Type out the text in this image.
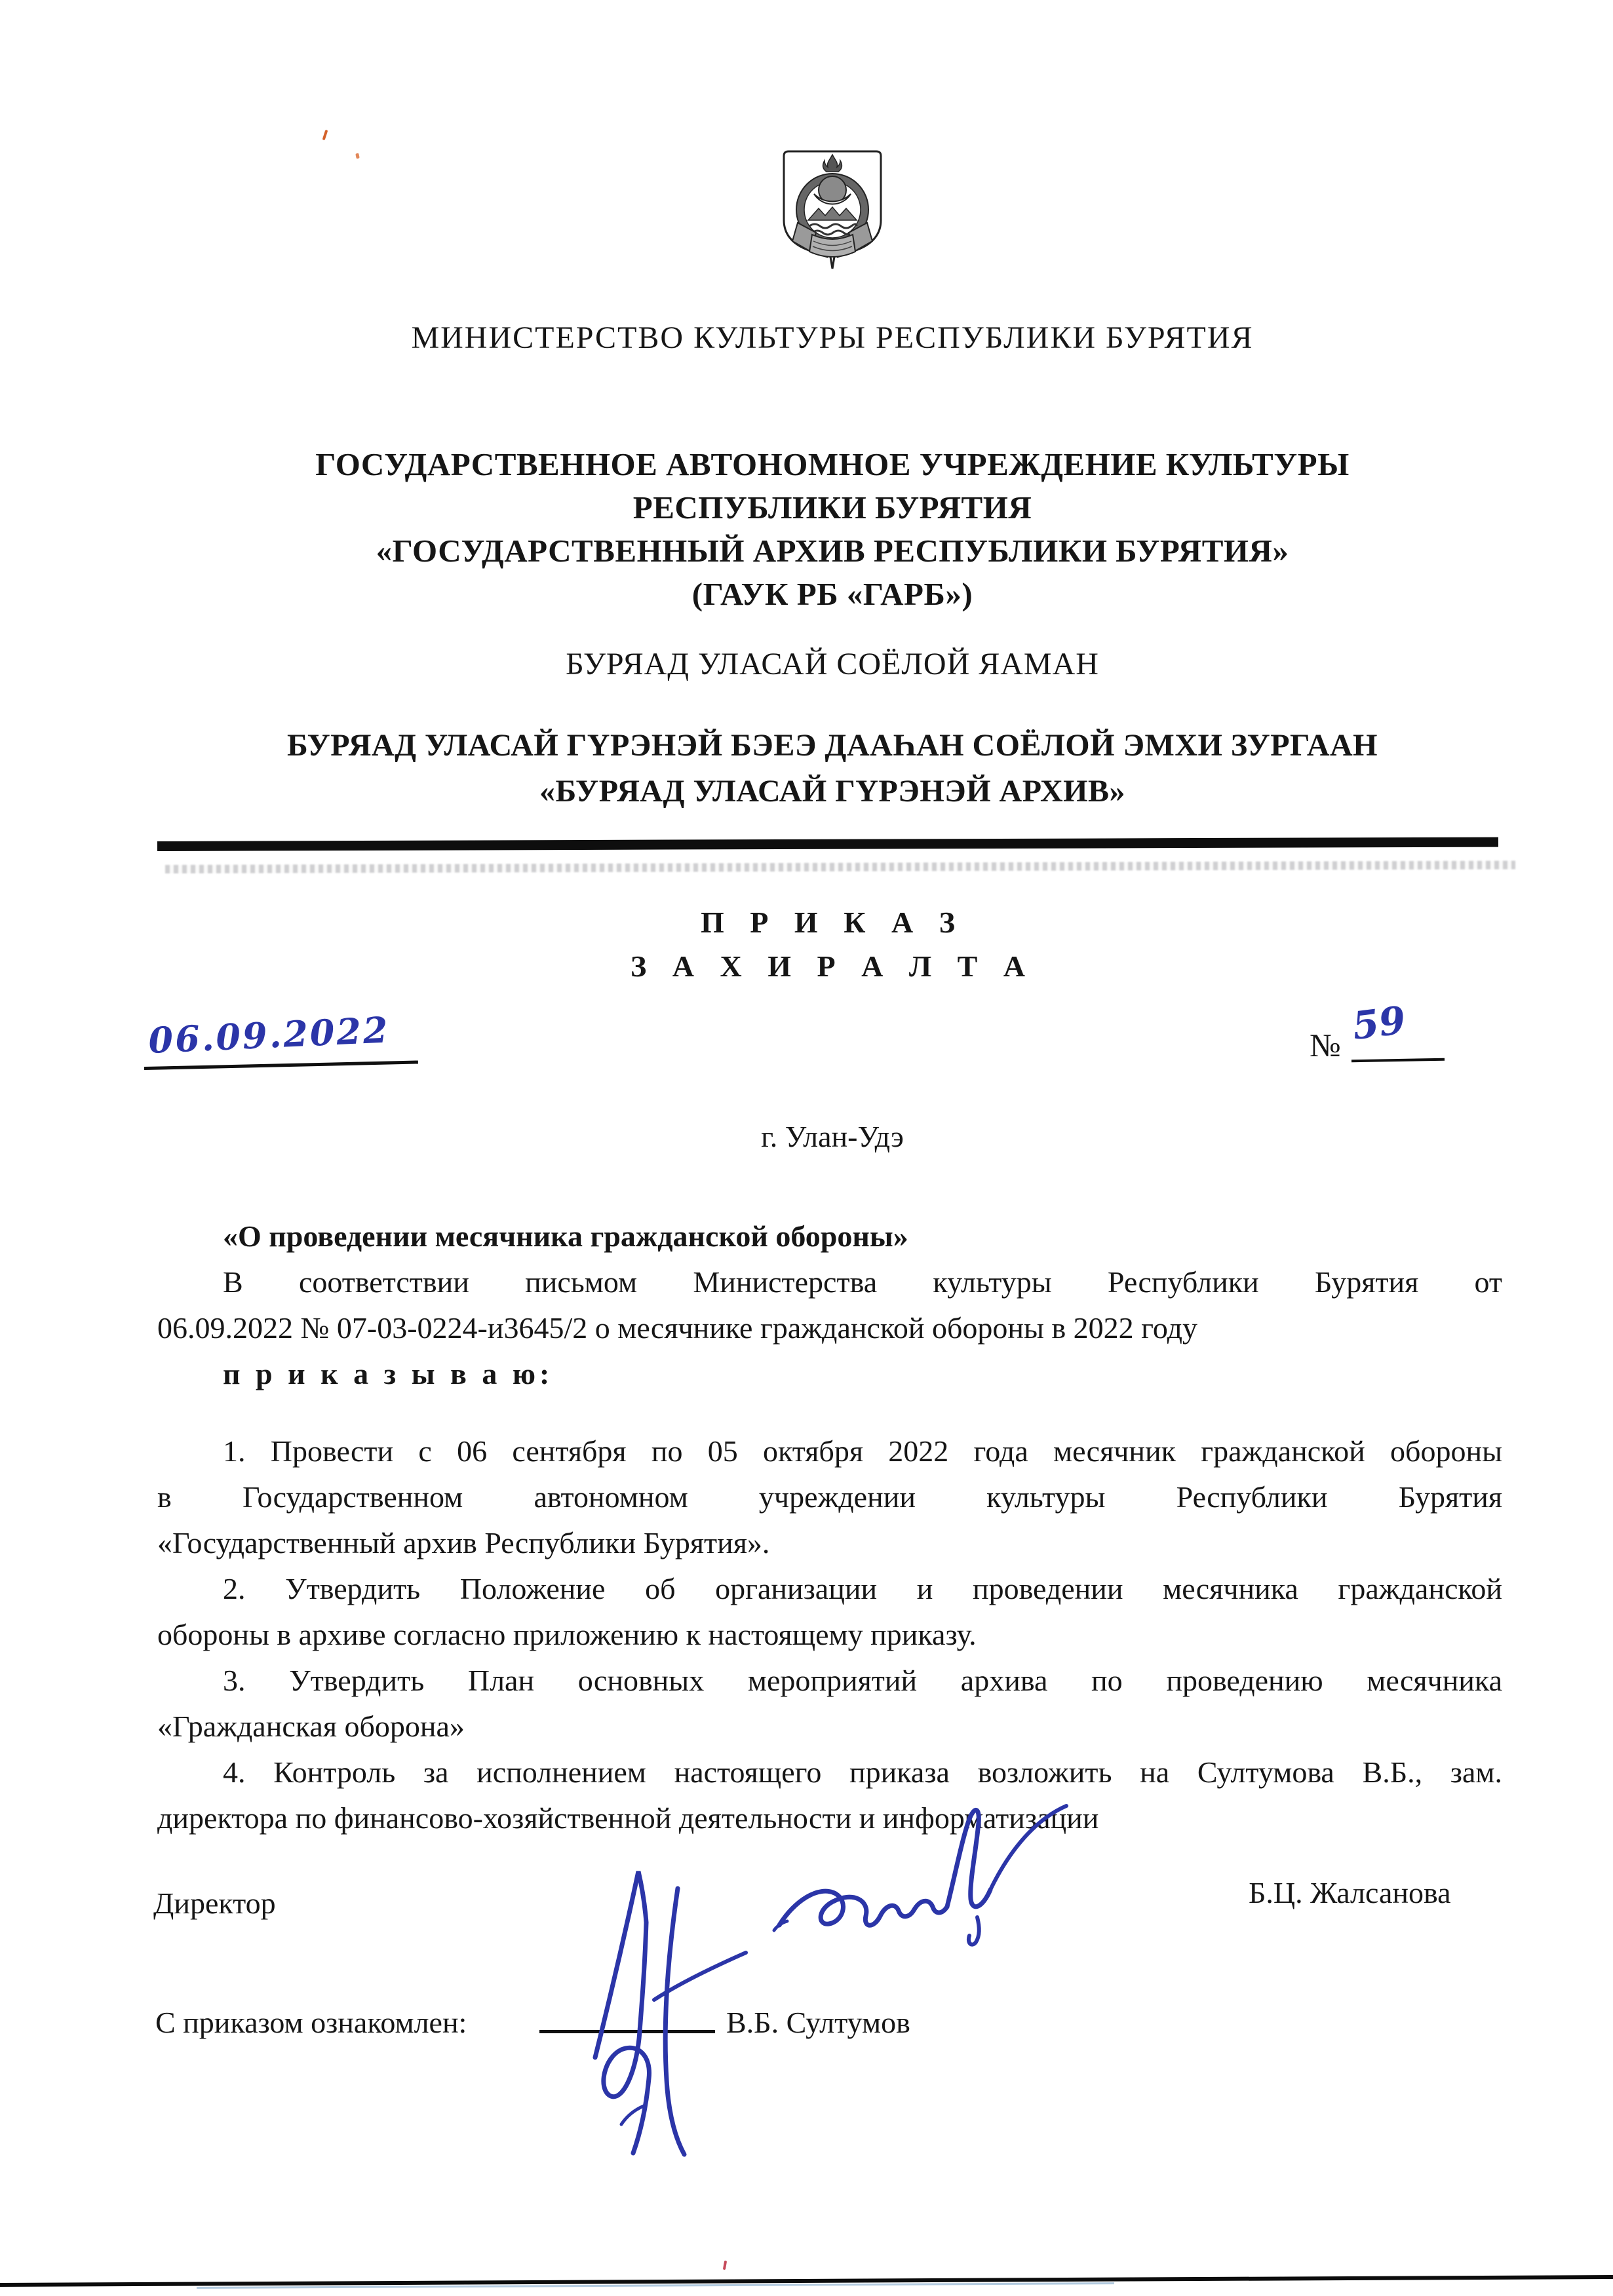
МИНИСТЕРСТВО КУЛЬТУРЫ РЕСПУБЛИКИ БУРЯТИЯ
ГОСУДАРСТВЕННОЕ АВТОНОМНОЕ УЧРЕЖДЕНИЕ КУЛЬТУРЫ
РЕСПУБЛИКИ БУРЯТИЯ
«ГОСУДАРСТВЕННЫЙ АРХИВ РЕСПУБЛИКИ БУРЯТИЯ»
(ГАУК РБ «ГАРБ»)
БУРЯАД УЛАСАЙ СОЁЛОЙ ЯАМАН
БУРЯАД УЛАСАЙ ГҮРЭНЭЙ БЭЕЭ ДААҺАН СОЁЛОЙ ЭМХИ ЗУРГААН
«БУРЯАД УЛАСАЙ ГҮРЭНЭЙ АРХИВ»
П Р И К А З
З А Х И Р А Л Т А
06.09.2022	№ 59
г. Улан-Удэ
«О проведении месячника гражданской обороны»
В соответствии письмом Министерства культуры Республики Бурятия от
06.09.2022 № 07-03-0224-и3645/2 о месячнике гражданской обороны в 2022 году
п р и к а з ы в а ю:
1. Провести с 06 сентября по 05 октября 2022 года месячник гражданской обороны
в Государственном автономном учреждении культуры Республики Бурятия
«Государственный архив Республики Бурятия».
2. Утвердить Положение об организации и проведении месячника гражданской
обороны в архиве согласно приложению к настоящему приказу.
3. Утвердить План основных мероприятий архива по проведению месячника
«Гражданская оборона»
4. Контроль за исполнением настоящего приказа возложить на Султумова В.Б., зам.
директора по финансово-хозяйственной деятельности и информатизации
Директор	Б.Ц. Жалсанова
С приказом ознакомлен:	В.Б. Султумов
